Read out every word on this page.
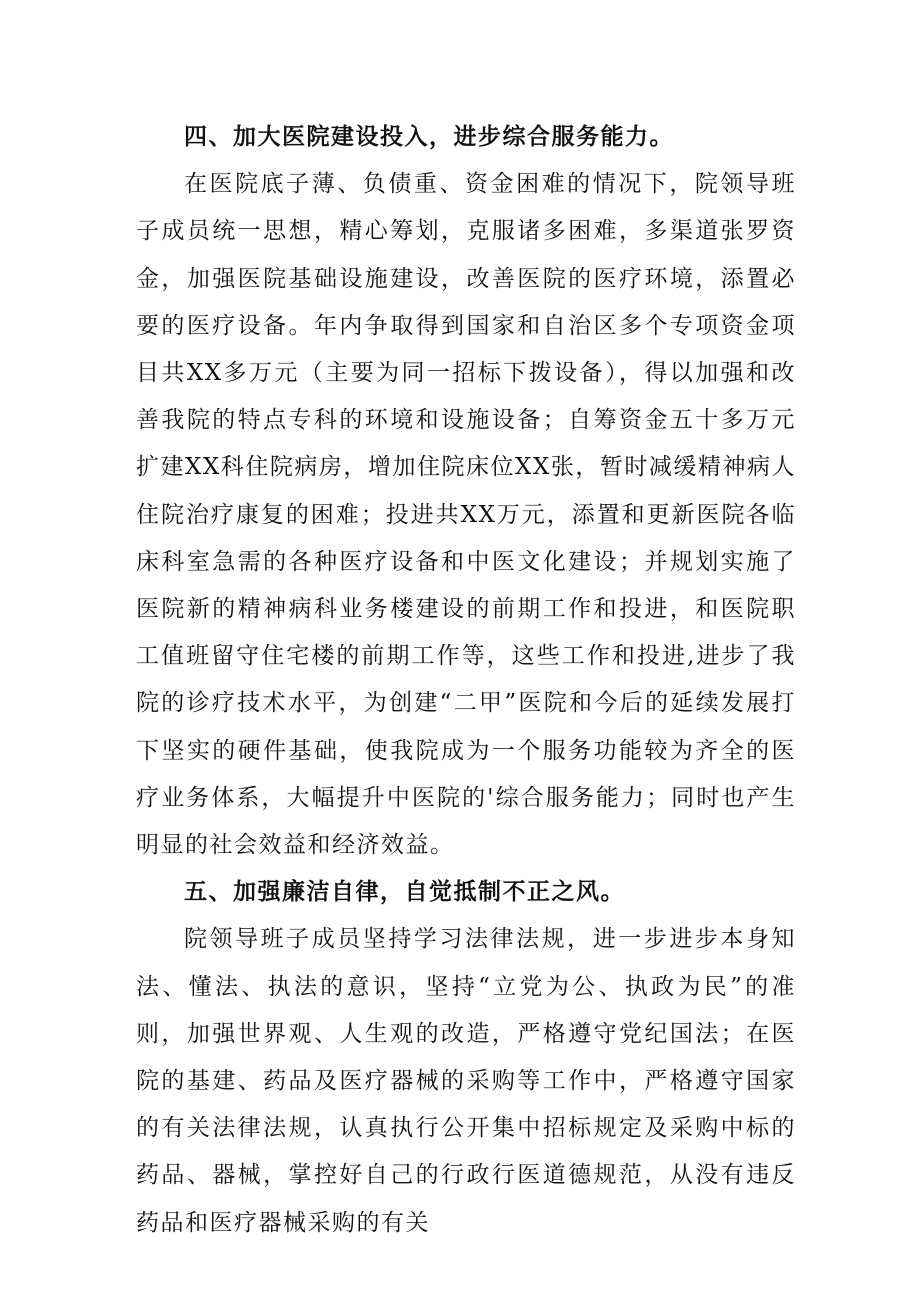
四、加大医院建设投入，进步综合服务能力。

在医院底子薄、负债重、资金困难的情况下，院领导班子成员统一思想，精心筹划，克服诸多困难，多渠道张罗资金，加强医院基础设施建设，改善医院的医疗环境，添置必要的医疗设备。年内争取得到国家和自治区多个专项资金项目共XX多万元（主要为同一招标下拨设备），得以加强和改善我院的特点专科的环境和设施设备；自筹资金五十多万元扩建XX科住院病房，增加住院床位XX张，暂时减缓精神病人住院治疗康复的困难；投进共XX万元，添置和更新医院各临床科室急需的各种医疗设备和中医文化建设；并规划实施了医院新的精神病科业务楼建设的前期工作和投进，和医院职工值班留守住宅楼的前期工作等，这些工作和投进,进步了我院的诊疗技术水平，为创建“二甲”医院和今后的延续发展打下坚实的硬件基础，使我院成为一个服务功能较为齐全的医疗业务体系，大幅提升中医院的'综合服务能力；同时也产生明显的社会效益和经济效益。

五、加强廉洁自律，自觉抵制不正之风。

院领导班子成员坚持学习法律法规，进一步进步本身知法、懂法、执法的意识，坚持“立党为公、执政为民”的准则，加强世界观、人生观的改造，严格遵守党纪国法；在医院的基建、药品及医疗器械的采购等工作中，严格遵守国家的有关法律法规，认真执行公开集中招标规定及采购中标的药品、器械，掌控好自己的行政行医道德规范，从没有违反药品和医疗器械采购的有关
